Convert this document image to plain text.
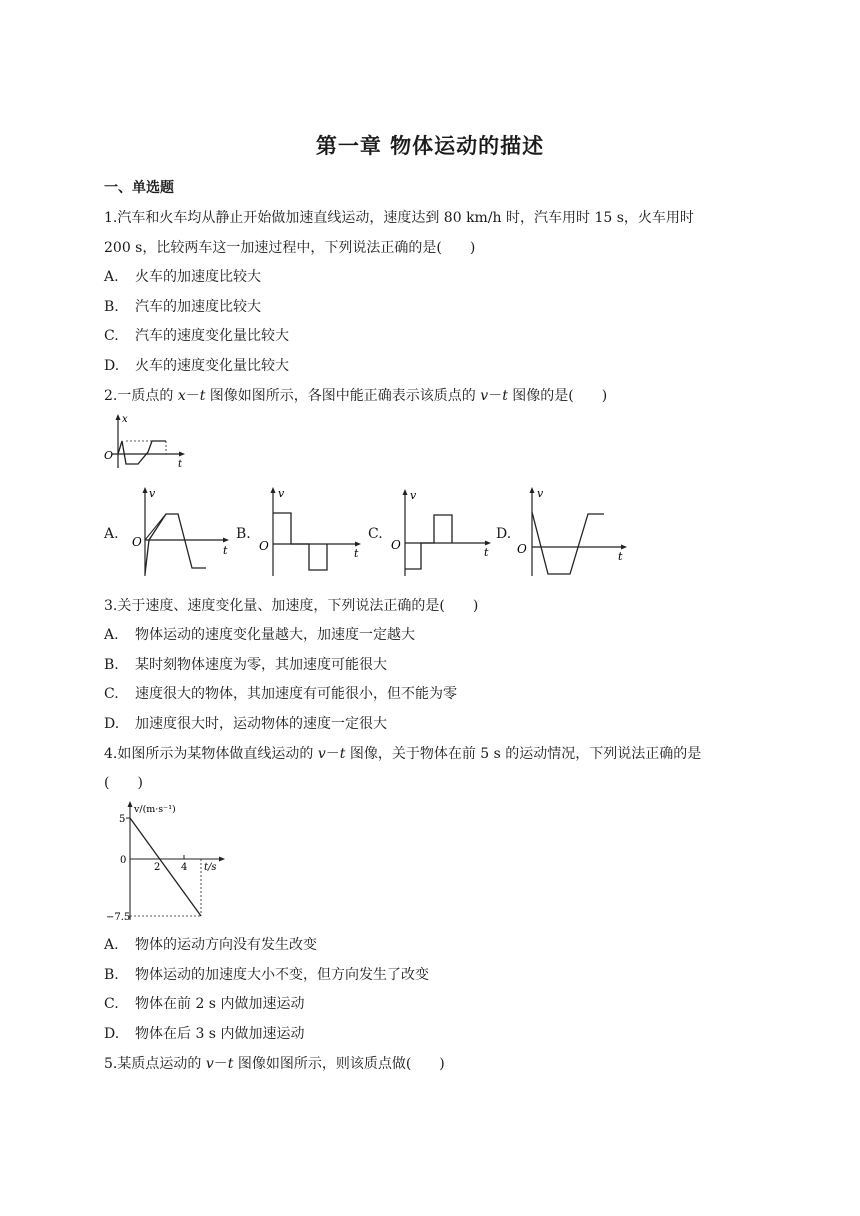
第一章 物体运动的描述
一、单选题
1.汽车和火车均从静止开始做加速直线运动，速度达到 80 km/h 时，汽车用时 15 s，火车用时
200 s，比较两车这一加速过程中，下列说法正确的是(　　)
A. 火车的加速度比较大
B. 汽车的加速度比较大
C. 汽车的速度变化量比较大
D. 火车的速度变化量比较大
2.一质点的 x－t 图像如图所示，各图中能正确表示该质点的 v－t 图像的是(　　)
x
O
t
A.
v
O
t
B.
v
O
t
C.
v
O
t
D.
v
O
t
3.关于速度、速度变化量、加速度，下列说法正确的是(　　)
A. 物体运动的速度变化量越大，加速度一定越大
B. 某时刻物体速度为零，其加速度可能很大
C. 速度很大的物体，其加速度有可能很小，但不能为零
D. 加速度很大时，运动物体的速度一定很大
4.如图所示为某物体做直线运动的 v－t 图像，关于物体在前 5 s 的运动情况，下列说法正确的是
(　　)
v/(m·s⁻¹)
5
0
2 4 t/s
−7.5
A. 物体的运动方向没有发生改变
B. 物体运动的加速度大小不变，但方向发生了改变
C. 物体在前 2 s 内做加速运动
D. 物体在后 3 s 内做加速运动
5.某质点运动的 v－t 图像如图所示，则该质点做(　　)
